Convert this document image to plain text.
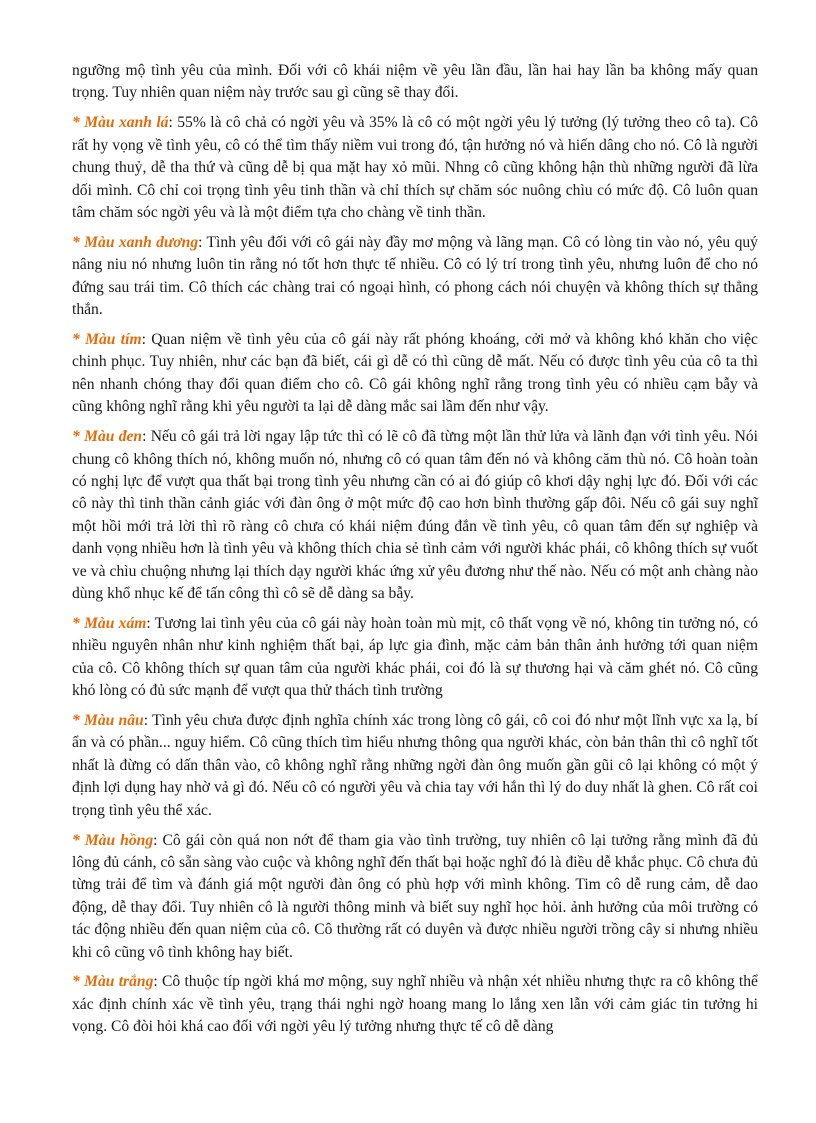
ngưỡng mộ tình yêu của mình. Đối với cô khái niệm về yêu lần đầu, lần hai hay lần ba không mấy quan trọng. Tuy nhiên quan niệm này trước sau gì cũng sẽ thay đổi.

* Màu xanh lá: 55% là cô chả có ngời yêu và 35% là cô có một ngời yêu lý tưởng (lý tưởng theo cô ta). Cô rất hy vọng về tình yêu, cô có thể tìm thấy niềm vui trong đó, tận hưởng nó và hiến dâng cho nó. Cô là người chung thuỷ, dễ tha thứ và cũng dễ bị qua mặt hay xỏ mũi. Nhng cô cũng không hận thù những người đã lừa dối mình. Cô chỉ coi trọng tình yêu tinh thần và chỉ thích sự chăm sóc nuông chìu có mức độ. Cô luôn quan tâm chăm sóc ngời yêu và là một điểm tựa cho chàng về tinh thần.

* Màu xanh dương: Tình yêu đối với cô gái này đầy mơ mộng và lãng mạn. Cô có lòng tin vào nó, yêu quý nâng niu nó nhưng luôn tin rằng nó tốt hơn thực tế nhiều. Cô có lý trí trong tình yêu, nhưng luôn để cho nó đứng sau trái tim. Cô thích các chàng trai có ngoại hình, có phong cách nói chuyện và không thích sự thẳng thắn.

* Màu tím: Quan niệm về tình yêu của cô gái này rất phóng khoáng, cởi mở và không khó khăn cho việc chinh phục. Tuy nhiên, như các bạn đã biết, cái gì dễ có thì cũng dễ mất. Nếu có được tình yêu của cô ta thì nên nhanh chóng thay đổi quan điểm cho cô. Cô gái không nghĩ rằng trong tình yêu có nhiều cạm bẫy và cũng không nghĩ rằng khi yêu người ta lại dễ dàng mắc sai lầm đến như vậy.

* Màu đen: Nếu cô gái trả lời ngay lập tức thì có lẽ cô đã từng một lần thử lửa và lãnh đạn với tình yêu. Nói chung cô không thích nó, không muốn nó, nhưng cô có quan tâm đến nó và không căm thù nó. Cô hoàn toàn có nghị lực để vượt qua thất bại trong tình yêu nhưng cần có ai đó giúp cô khơi dậy nghị lực đó. Đối với các cô này thì tinh thần cảnh giác với đàn ông ở một mức độ cao hơn bình thường gấp đôi. Nếu cô gái suy nghĩ một hồi mới trả lời thì rõ ràng cô chưa có khái niệm đúng đắn về tình yêu, cô quan tâm đến sự nghiệp và danh vọng nhiều hơn là tình yêu và không thích chia sẻ tình cảm với người khác phái, cô không thích sự vuốt ve và chìu chuộng nhưng lại thích dạy người khác ứng xử yêu đương như thế nào. Nếu có một anh chàng nào dùng khổ nhục kế để tấn công thì cô sẽ dễ dàng sa bẫy.

* Màu xám: Tương lai tình yêu của cô gái này hoàn toàn mù mịt, cô thất vọng về nó, không tin tưởng nó, có nhiều nguyên nhân như kinh nghiệm thất bại, áp lực gia đình, mặc cảm bản thân ảnh hưởng tới quan niệm của cô. Cô không thích sự quan tâm của người khác phái, coi đó là sự thương hại và căm ghét nó. Cô cũng khó lòng có đủ sức mạnh để vượt qua thử thách tình trường

* Màu nâu: Tình yêu chưa được định nghĩa chính xác trong lòng cô gái, cô coi đó như một lĩnh vực xa lạ, bí ẩn và có phần... nguy hiểm. Cô cũng thích tìm hiểu nhưng thông qua người khác, còn bản thân thì cô nghĩ tốt nhất là đừng có dấn thân vào, cô không nghĩ rằng những ngời đàn ông muốn gần gũi cô lại không có một ý định lợi dụng hay nhờ vả gì đó. Nếu cô có người yêu và chia tay với hắn thì lý do duy nhất là ghen. Cô rất coi trọng tình yêu thể xác.

* Màu hồng: Cô gái còn quá non nớt để tham gia vào tình trường, tuy nhiên cô lại tưởng rằng mình đã đủ lông đủ cánh, cô sẵn sàng vào cuộc và không nghĩ đến thất bại hoặc nghĩ đó là điều dễ khắc phục. Cô chưa đủ từng trải để tìm và đánh giá một người đàn ông có phù hợp với mình không. Tim cô dễ rung cảm, dễ dao động, dễ thay đổi. Tuy nhiên cô là người thông minh và biết suy nghĩ học hỏi. ảnh hưởng của môi trường có tác động nhiều đến quan niệm của cô. Cô thường rất có duyên và được nhiều người trồng cây si nhưng nhiều khi cô cũng vô tình không hay biết.

* Màu trắng: Cô thuộc típ ngời khá mơ mộng, suy nghĩ nhiều và nhận xét nhiều nhưng thực ra cô không thể xác định chính xác về tình yêu, trạng thái nghi ngờ hoang mang lo lắng xen lẫn với cảm giác tin tưởng hi vọng. Cô đòi hỏi khá cao đối với ngời yêu lý tưởng nhưng thực tế cô dễ dàng
